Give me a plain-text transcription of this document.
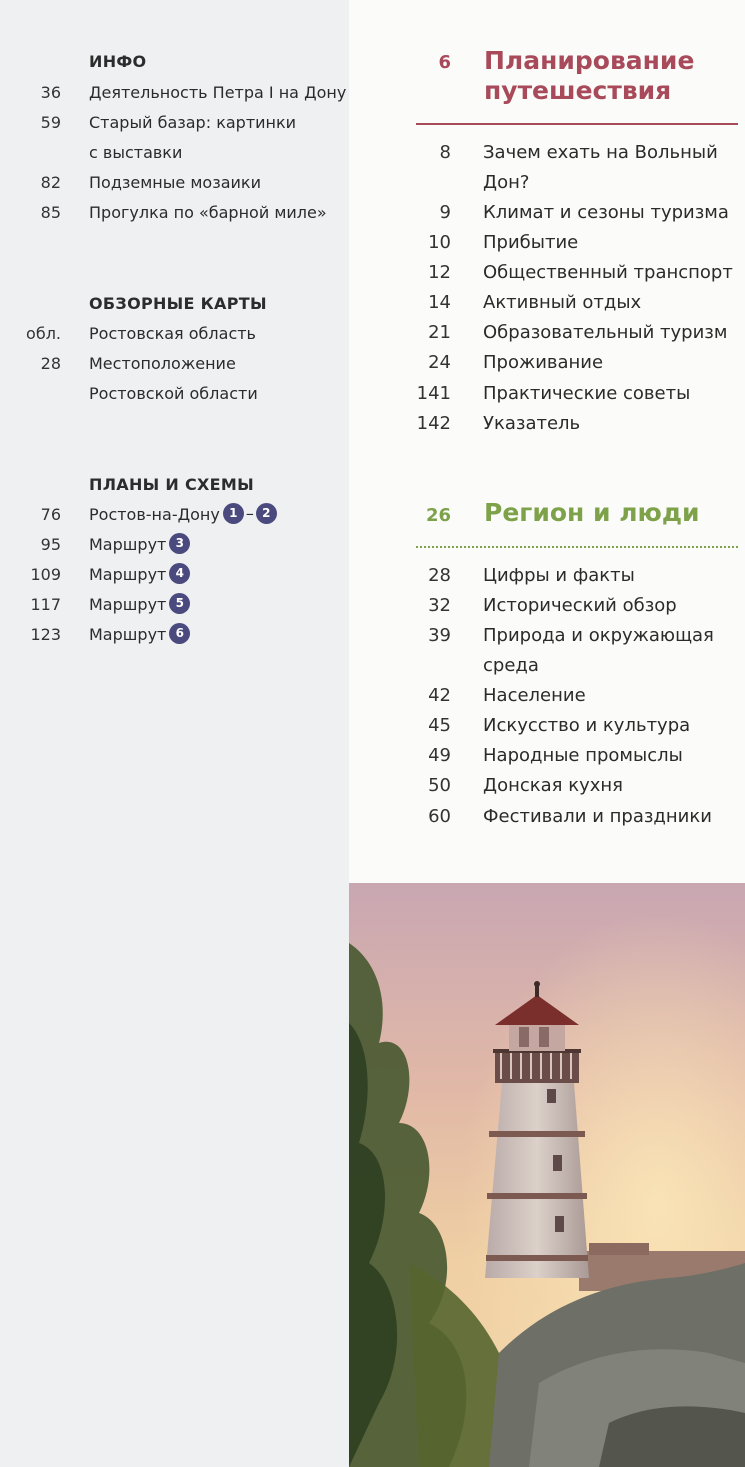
ИНФО
36 Деятельность Петра I на Дону
59 Старый базар: картинки
с выставки
82 Подземные мозаики
85 Прогулка по «барной миле»
ОБЗОРНЫЕ КАРТЫ
обл. Ростовская область
28 Местоположение
Ростовской области
ПЛАНЫ И СХЕМЫ
76 Ростов-на-Дону 1 – 2
95 Маршрут 3
109 Маршрут 4
117 Маршрут 5
123 Маршрут 6
6 Планирование
путешествия
8 Зачем ехать на Вольный
Дон?
9 Климат и сезоны туризма
10 Прибытие
12 Общественный транспорт
14 Активный отдых
21 Образовательный туризм
24 Проживание
141 Практические советы
142 Указатель
26 Регион и люди
28 Цифры и факты
32 Исторический обзор
39 Природа и окружающая
среда
42 Население
45 Искусство и культура
49 Народные промыслы
50 Донская кухня
60 Фестивали и праздники
